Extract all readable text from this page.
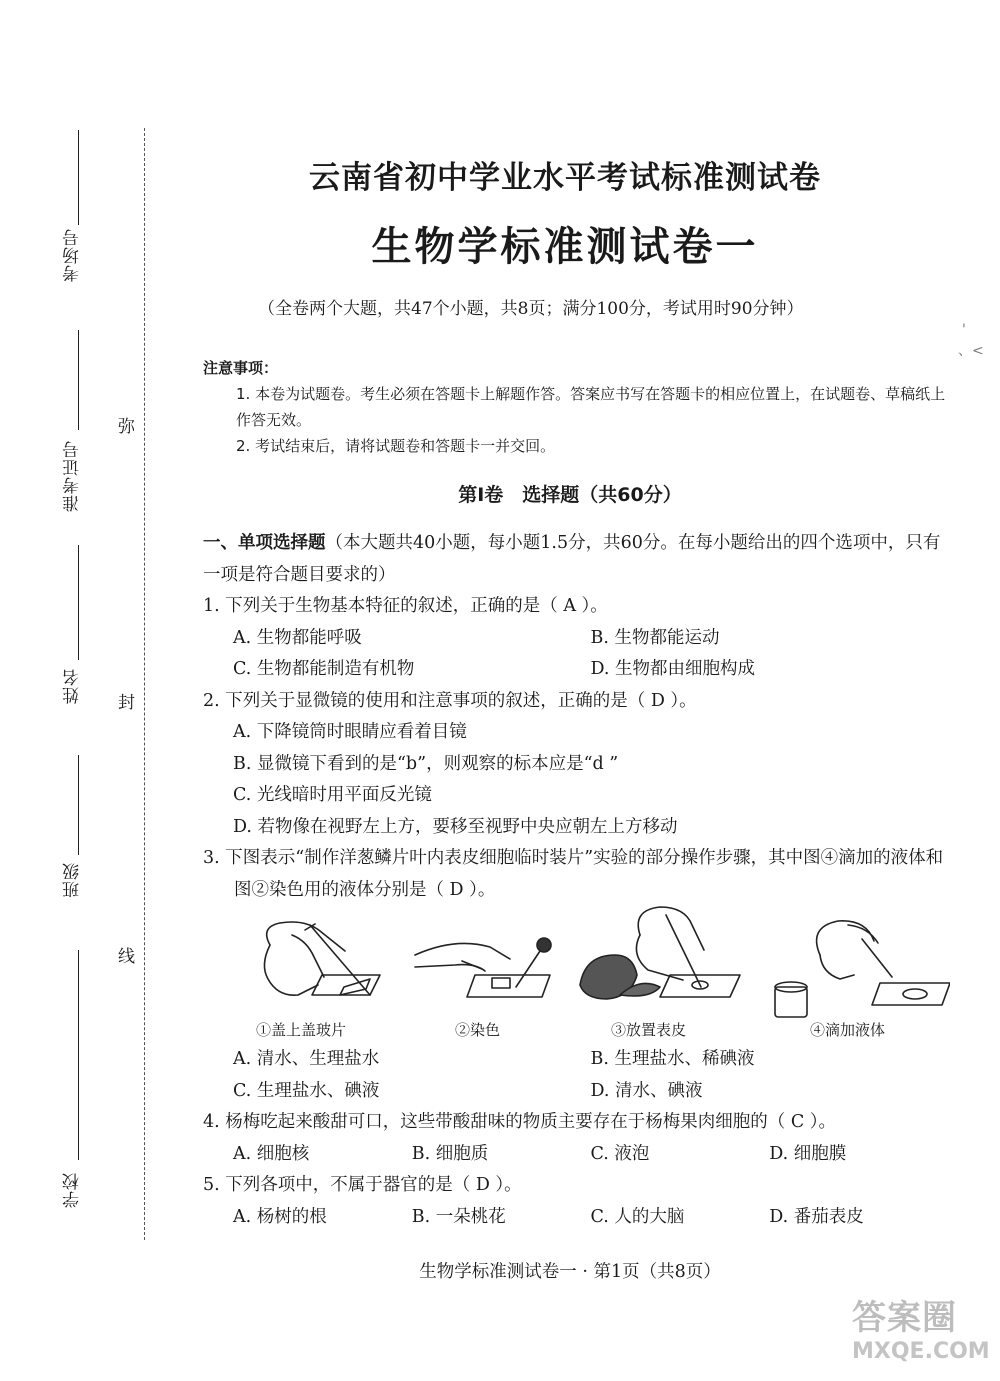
考场号
准考证号
姓名
班级
学校
弥
封
线
'
、<
云南省初中学业水平考试标准测试卷
生物学标准测试卷一
（全卷两个大题，共47个小题，共8页；满分100分，考试用时90分钟）
注意事项：

1. 本卷为试题卷。考生必须在答题卡上解题作答。答案应书写在答题卡的相应位置上，在试题卷、草稿纸上作答无效。

2. 考试结束后，请将试题卷和答题卡一并交回。

第Ⅰ卷　选择题（共60分）

一、单项选择题（本大题共40小题，每小题1.5分，共60分。在每小题给出的四个选项中，只有一项是符合题目要求的）

1. 下列关于生物基本特征的叙述，正确的是（ A ）。

A. 生物都能呼吸	B. 生物都能运动
C. 生物都能制造有机物	D. 生物都由细胞构成

2. 下列关于显微镜的使用和注意事项的叙述，正确的是（ D ）。

A. 下降镜筒时眼睛应看着目镜
B. 显微镜下看到的是“b”，则观察的标本应是“d ”
C. 光线暗时用平面反光镜
D. 若物像在视野左上方，要移至视野中央应朝左上方移动

3. 下图表示“制作洋葱鳞片叶内表皮细胞临时装片”实验的部分操作步骤，其中图④滴加的液体和图②染色用的液体分别是（ D ）。

①盖上盖玻片	②染色	③放置表皮	④滴加液体
A. 清水、生理盐水	B. 生理盐水、稀碘液
C. 生理盐水、碘液	D. 清水、碘液

4. 杨梅吃起来酸甜可口，这些带酸甜味的物质主要存在于杨梅果肉细胞的（ C ）。

A. 细胞核	B. 细胞质	C. 液泡	D. 细胞膜

5. 下列各项中，不属于器官的是（ D ）。

A. 杨树的根	B. 一朵桃花	C. 人的大脑	D. 番茄表皮
生物学标准测试卷一 · 第1页（共8页）
答案圈
MXQE.COM
